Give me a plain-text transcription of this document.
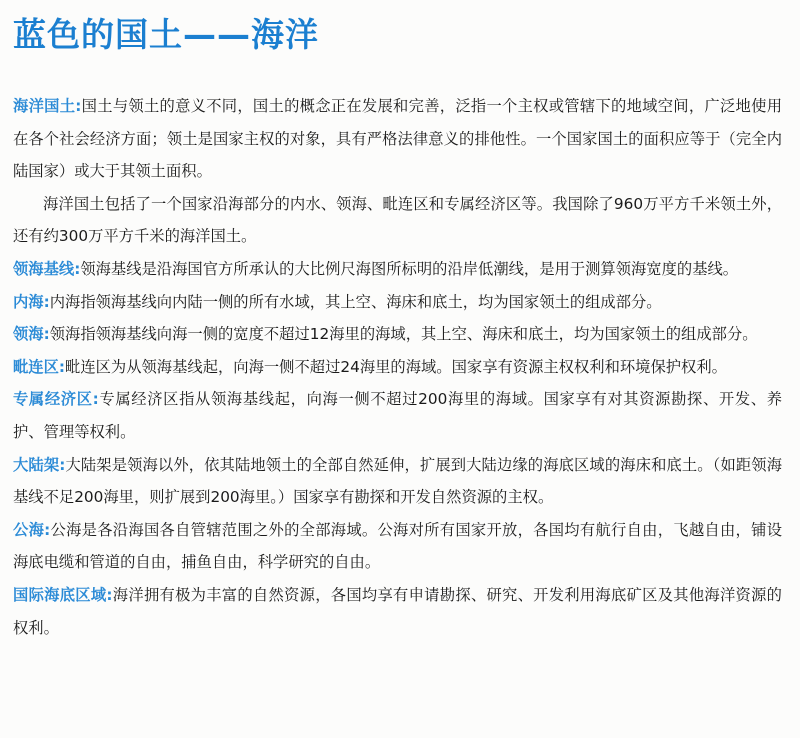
蓝色的国土——海洋

海洋国土:国土与领土的意义不同，国土的概念正在发展和完善，泛指一个主权或管辖下的地域空间，广泛地使用在各个社会经济方面；领土是国家主权的对象，具有严格法律意义的排他性。一个国家国土的面积应等于（完全内陆国家）或大于其领土面积。

海洋国土包括了一个国家沿海部分的内水、领海、毗连区和专属经济区等。我国除了960万平方千米领土外，还有约300万平方千米的海洋国土。

领海基线:领海基线是沿海国官方所承认的大比例尺海图所标明的沿岸低潮线，是用于测算领海宽度的基线。

内海:内海指领海基线向内陆一侧的所有水域，其上空、海床和底土，均为国家领土的组成部分。

领海:领海指领海基线向海一侧的宽度不超过12海里的海域，其上空、海床和底土，均为国家领土的组成部分。

毗连区:毗连区为从领海基线起，向海一侧不超过24海里的海域。国家享有资源主权权利和环境保护权利。

专属经济区:专属经济区指从领海基线起，向海一侧不超过200海里的海域。国家享有对其资源勘探、开发、养护、管理等权利。

大陆架:大陆架是领海以外，依其陆地领土的全部自然延伸，扩展到大陆边缘的海底区域的海床和底土。（如距领海基线不足200海里，则扩展到200海里。）国家享有勘探和开发自然资源的主权。

公海:公海是各沿海国各自管辖范围之外的全部海域。公海对所有国家开放，各国均有航行自由，飞越自由，铺设海底电缆和管道的自由，捕鱼自由，科学研究的自由。

国际海底区域:海洋拥有极为丰富的自然资源，各国均享有申请勘探、研究、开发利用海底矿区及其他海洋资源的权利。
